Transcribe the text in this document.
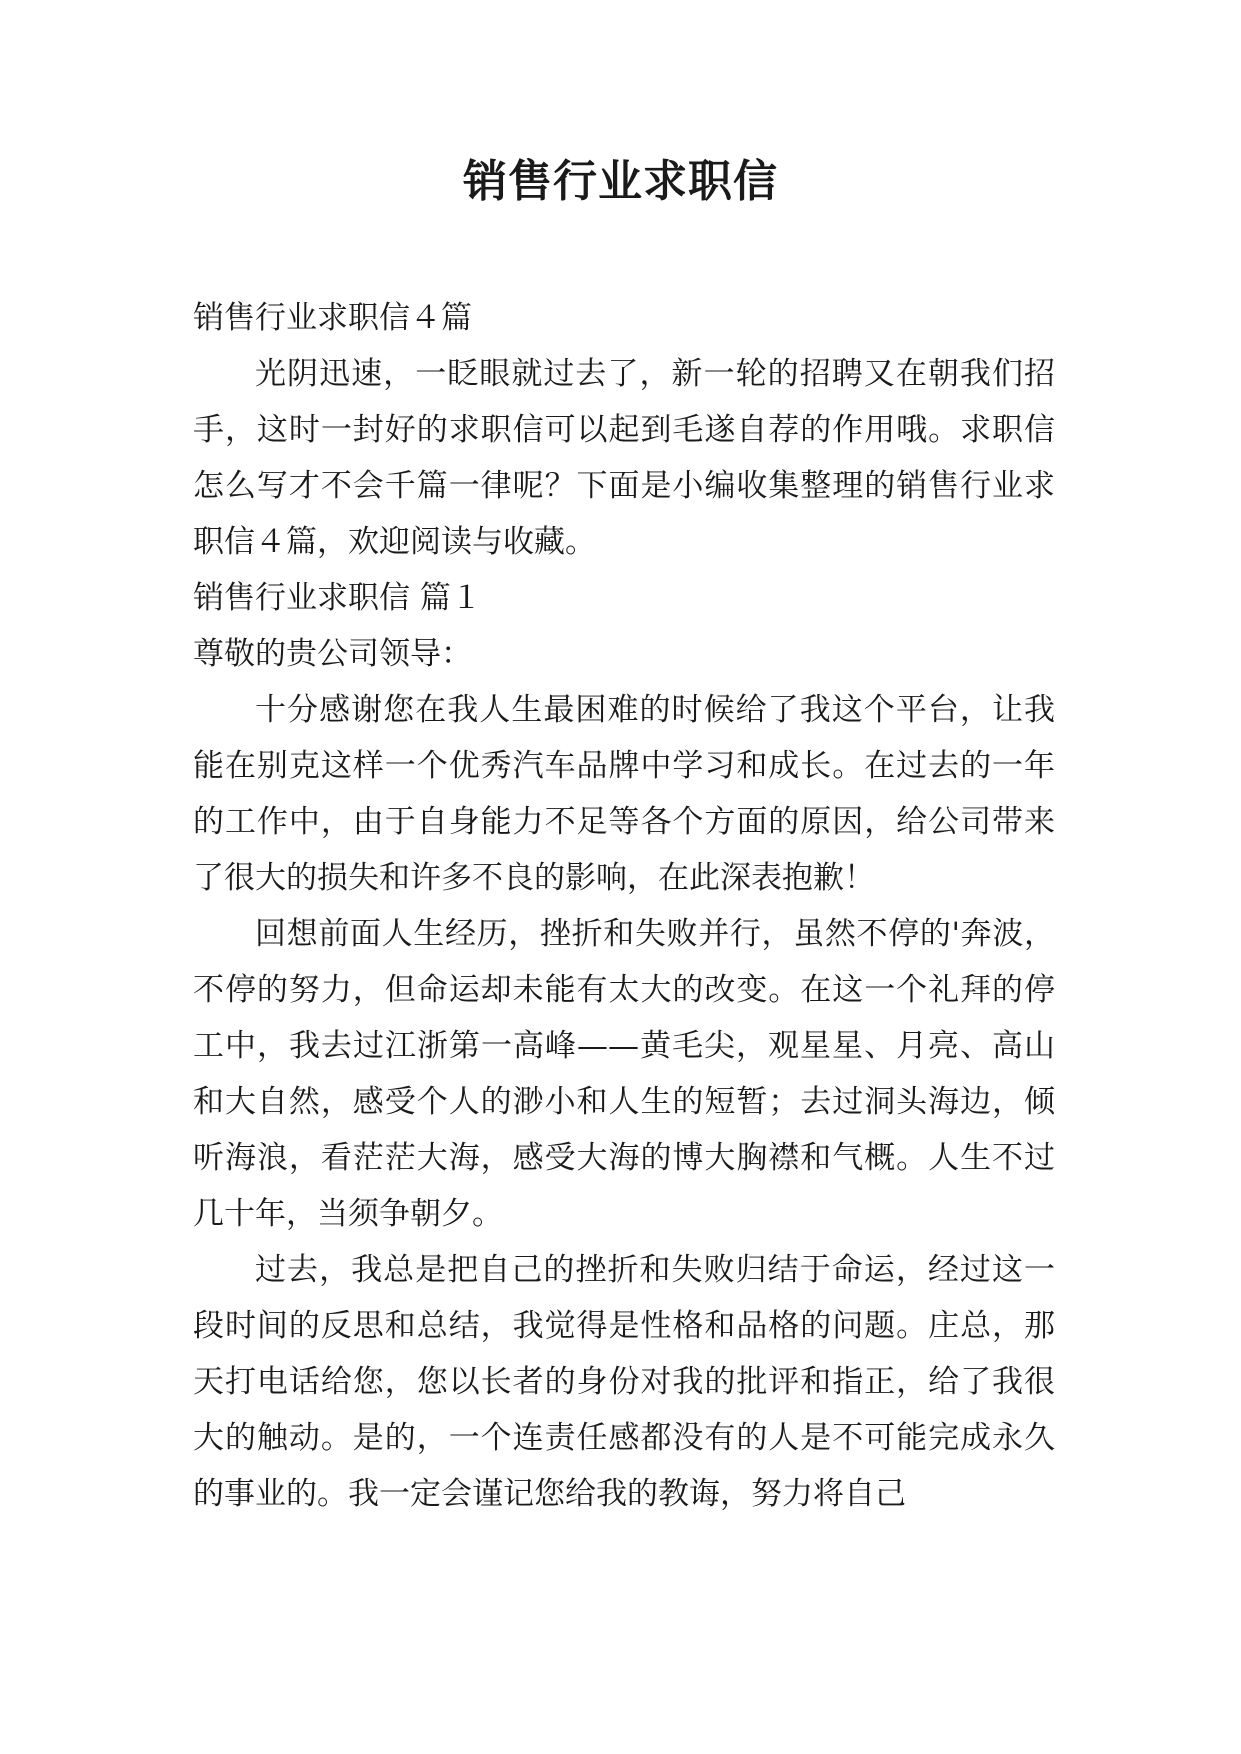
销售行业求职信

销售行业求职信４篇

光阴迅速，一眨眼就过去了，新一轮的招聘又在朝我们招手，这时一封好的求职信可以起到毛遂自荐的作用哦。求职信怎么写才不会千篇一律呢？下面是小编收集整理的销售行业求职信４篇，欢迎阅读与收藏。

销售行业求职信 篇１

尊敬的贵公司领导：

十分感谢您在我人生最困难的时候给了我这个平台，让我能在别克这样一个优秀汽车品牌中学习和成长。在过去的一年的工作中，由于自身能力不足等各个方面的原因，给公司带来了很大的损失和许多不良的影响，在此深表抱歉！

回想前面人生经历，挫折和失败并行，虽然不停的'奔波，不停的努力，但命运却未能有太大的改变。在这一个礼拜的停工中，我去过江浙第一高峰——黄毛尖，观星星、月亮、高山和大自然，感受个人的渺小和人生的短暂；去过洞头海边，倾听海浪，看茫茫大海，感受大海的博大胸襟和气概。人生不过几十年，当须争朝夕。

过去，我总是把自己的挫折和失败归结于命运，经过这一段时间的反思和总结，我觉得是性格和品格的问题。庄总，那天打电话给您，您以长者的身份对我的批评和指正，给了我很大的触动。是的，一个连责任感都没有的人是不可能完成永久的事业的。我一定会谨记您给我的教诲，努力将自己
